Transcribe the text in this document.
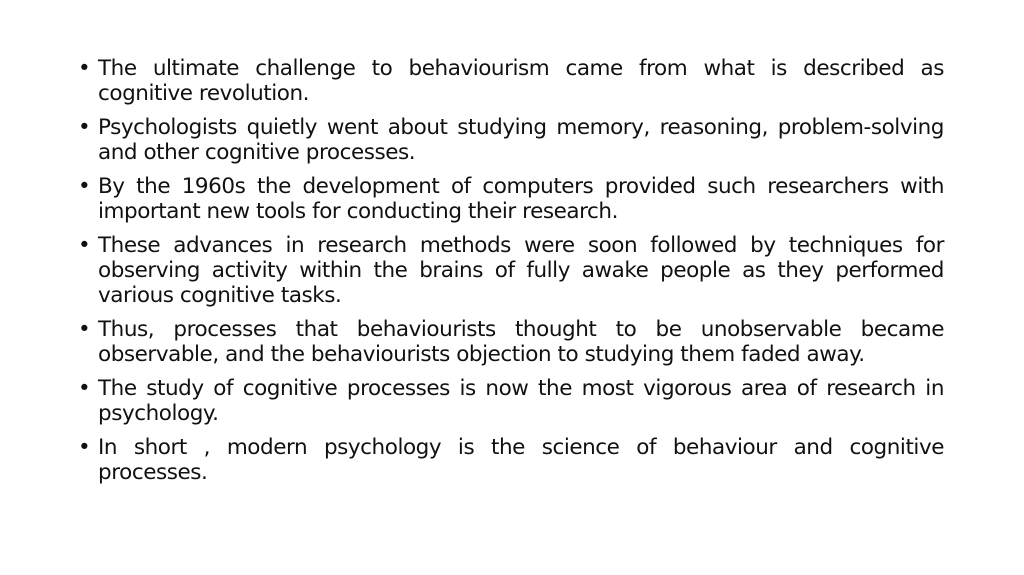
• The ultimate challenge to behaviourism came from what is described as cognitive revolution.
• Psychologists quietly went about studying memory, reasoning, problem-solving and other cognitive processes.
• By the 1960s the development of computers provided such researchers with important new tools for conducting their research.
• These advances in research methods were soon followed by techniques for observing activity within the brains of fully awake people as they performed various cognitive tasks.
• Thus, processes that behaviourists thought to be unobservable became observable, and the behaviourists objection to studying them faded away.
• The study of cognitive processes is now the most vigorous area of research in psychology.
• In short , modern psychology is the science of behaviour and cognitive processes.
